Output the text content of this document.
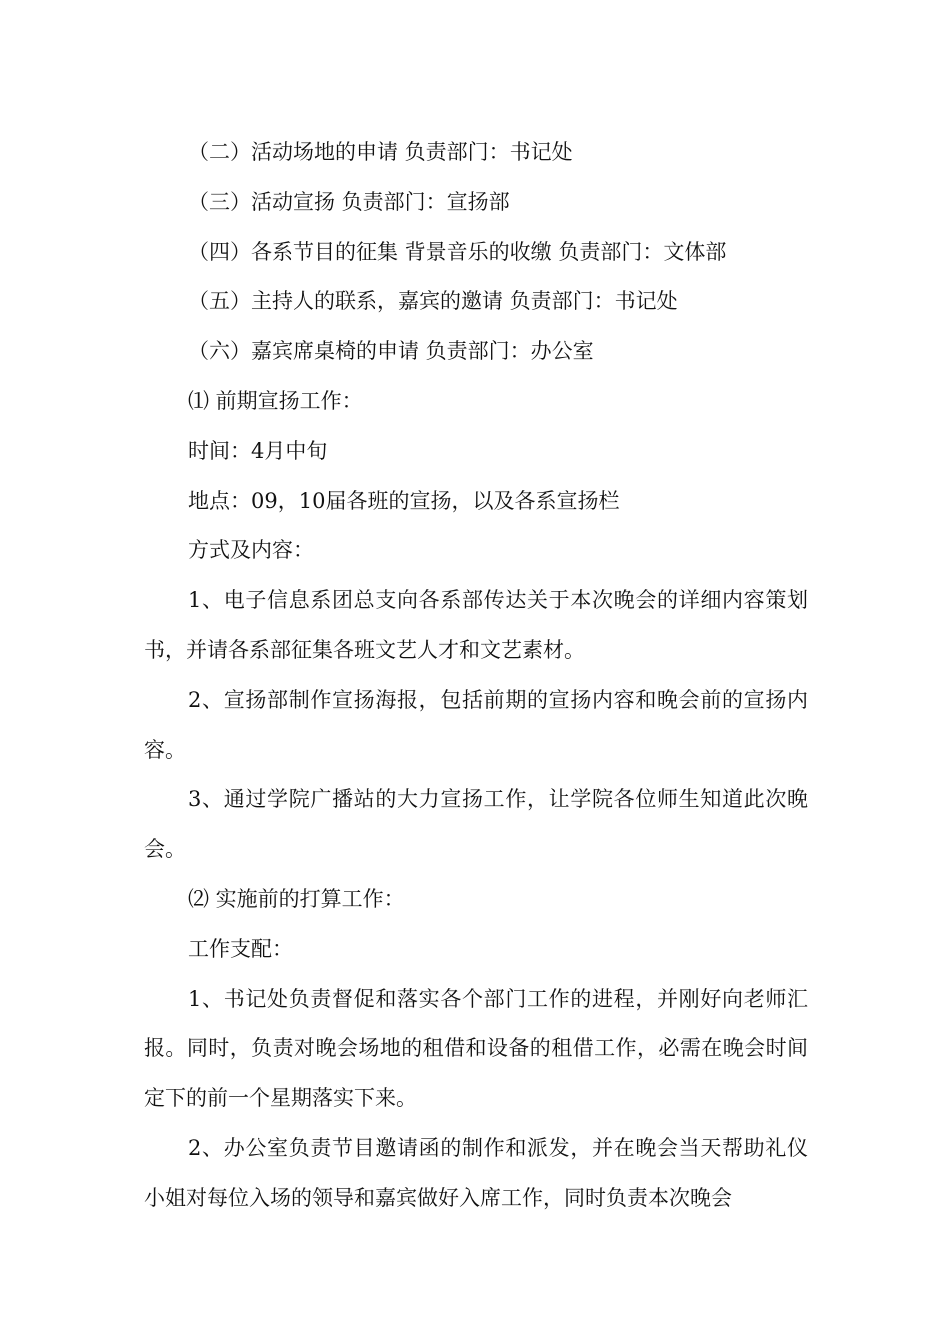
（二）活动场地的申请 负责部门：书记处

（三）活动宣扬 负责部门：宣扬部

（四）各系节目的征集 背景音乐的收缴 负责部门：文体部

（五）主持人的联系，嘉宾的邀请 负责部门：书记处

（六）嘉宾席桌椅的申请 负责部门：办公室

⑴ 前期宣扬工作：

时间：4月中旬

地点：09，10届各班的宣扬，以及各系宣扬栏

方式及内容：

1、电子信息系团总支向各系部传达关于本次晚会的详细内容策划书，并请各系部征集各班文艺人才和文艺素材。

2、宣扬部制作宣扬海报，包括前期的宣扬内容和晚会前的宣扬内容。

3、通过学院广播站的大力宣扬工作，让学院各位师生知道此次晚会。

⑵ 实施前的打算工作：

工作支配：

1、书记处负责督促和落实各个部门工作的进程，并刚好向老师汇报。同时，负责对晚会场地的租借和设备的租借工作，必需在晚会时间定下的前一个星期落实下来。

2、办公室负责节目邀请函的制作和派发，并在晚会当天帮助礼仪小姐对每位入场的领导和嘉宾做好入席工作，同时负责本次晚会
